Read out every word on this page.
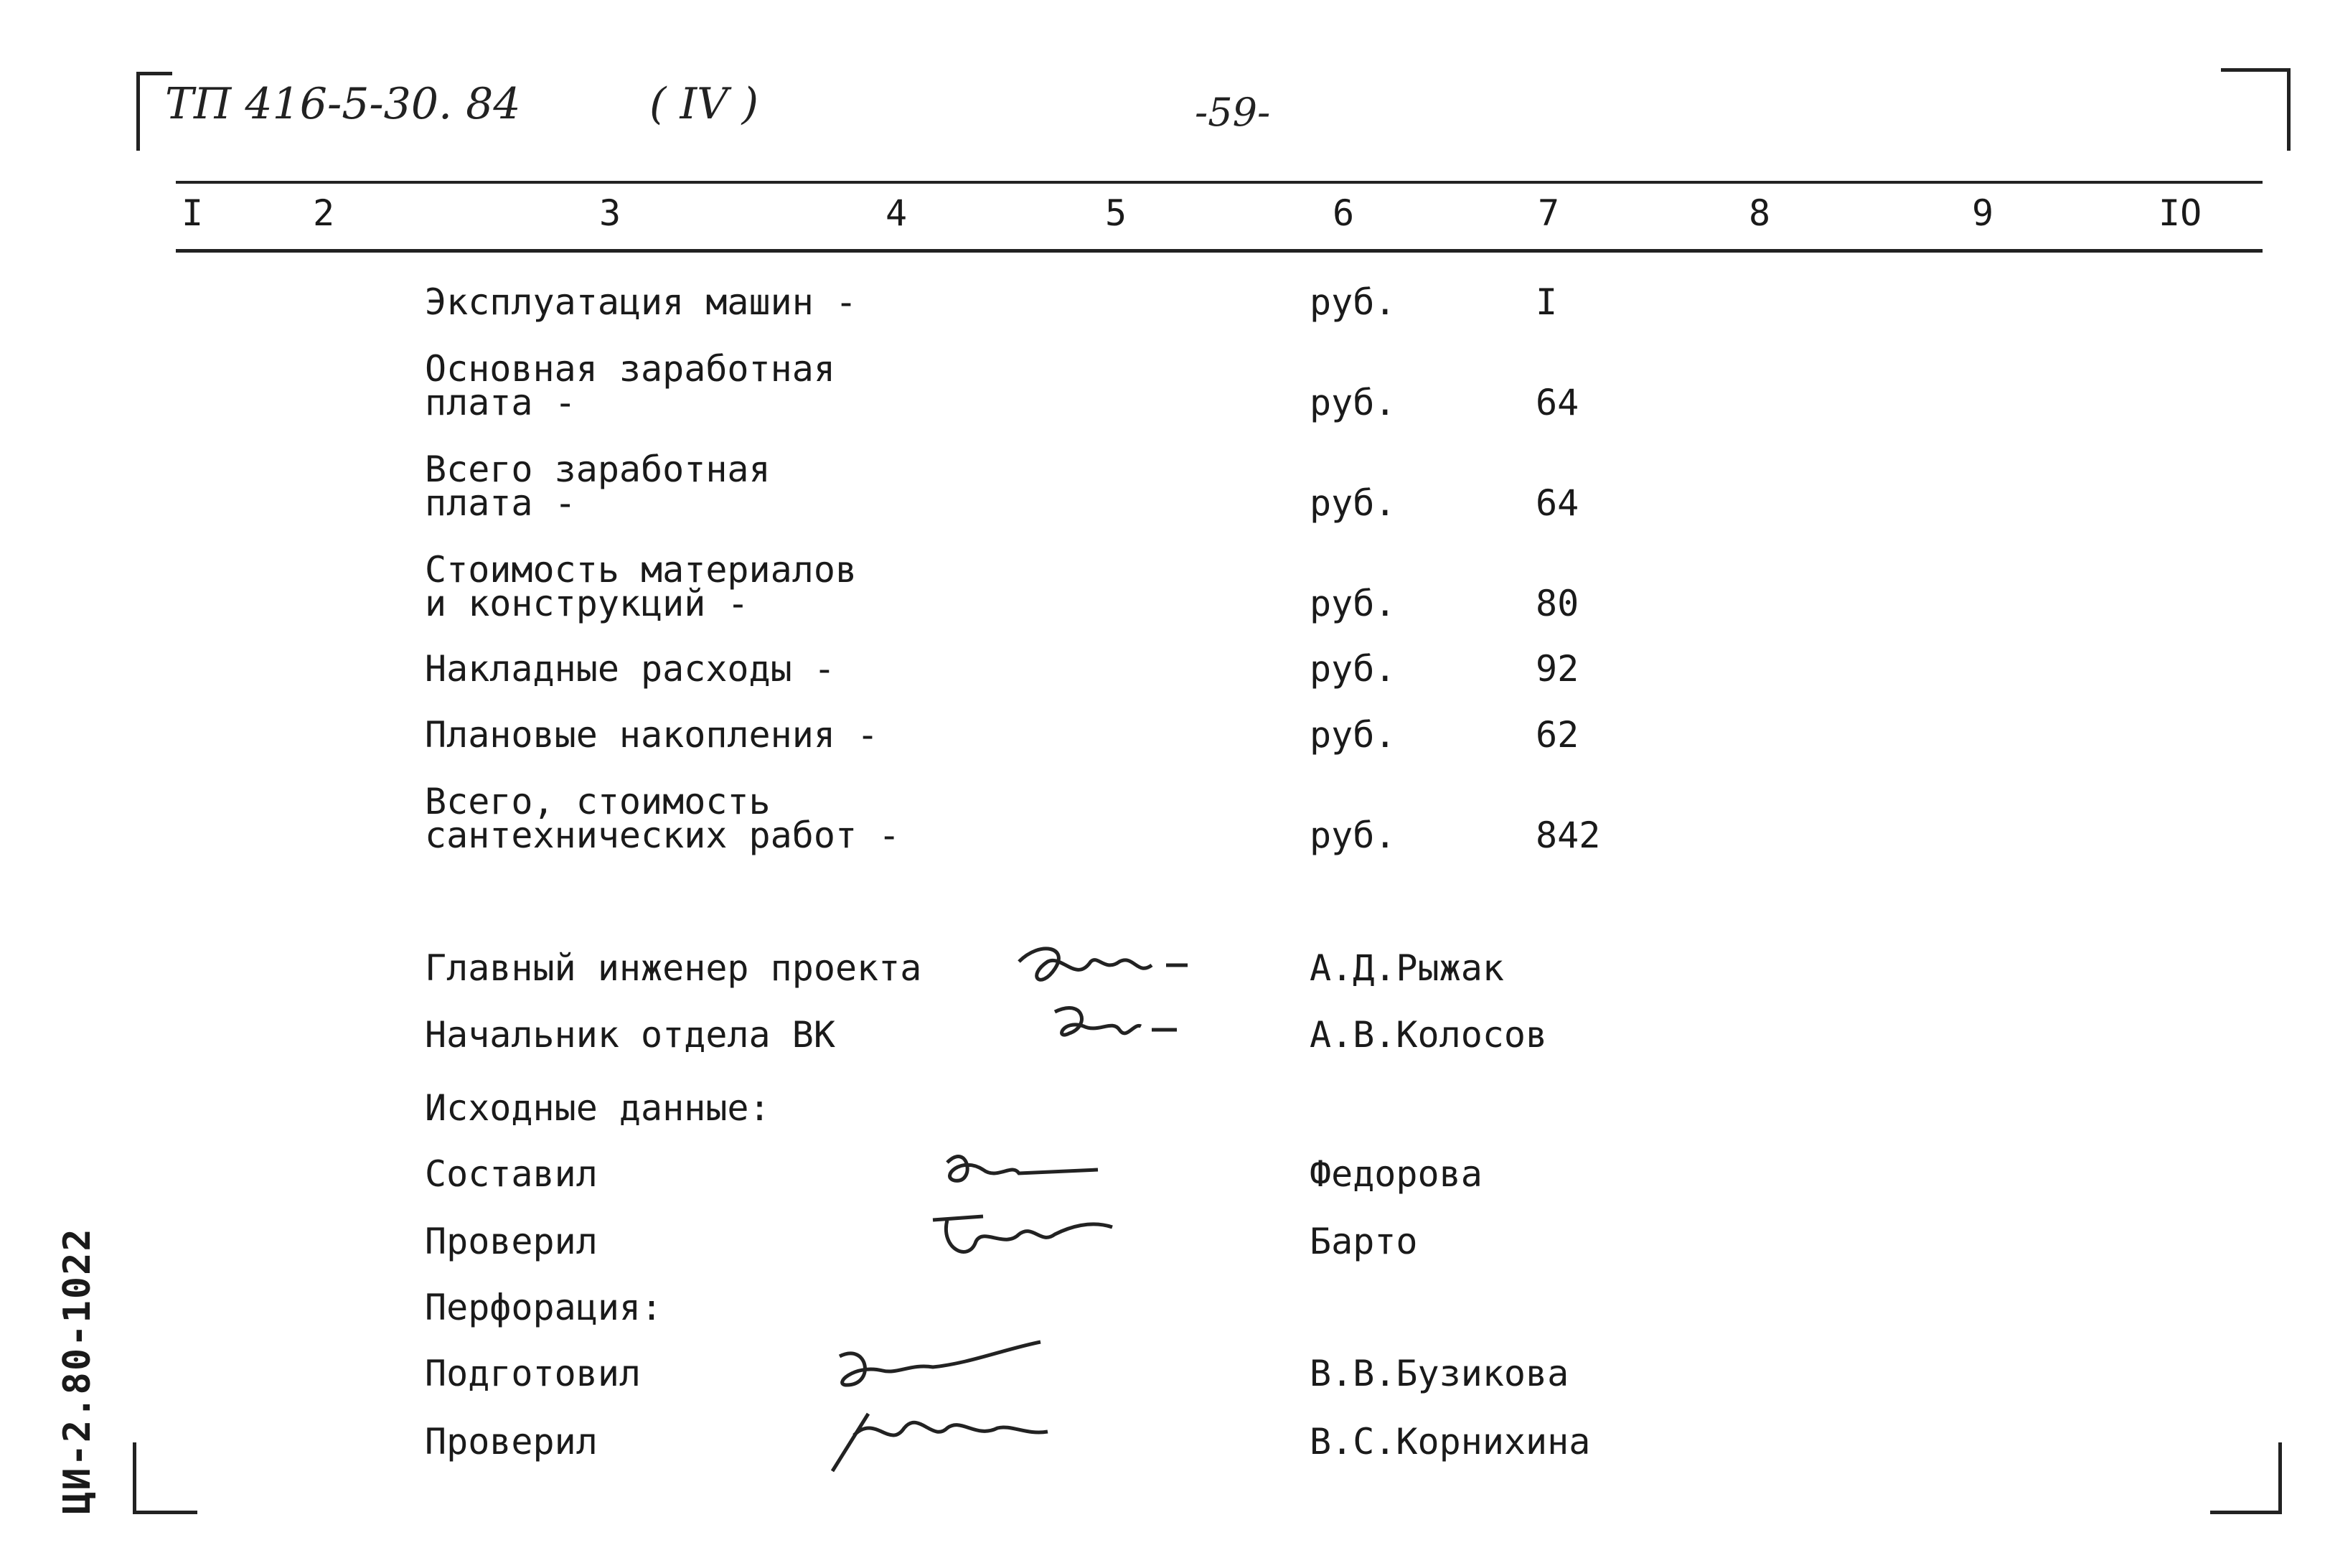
ТП 416-5-30. 84	( IV )	-59-
I	2	3	4	5	6	7	8	9	IO
Эксплуатация машин -	руб.	I
Основная заработная
плата -	руб.	64
Всего заработная
плата -	руб.	64
Стоимость материалов
и конструкций -	руб.	80
Накладные расходы -	руб.	92
Плановые накопления -	руб.	62
Всего, стоимость
сантехнических работ -	руб.	842
Главный инженер проекта	А.Д.Рыжак
Начальник отдела ВК	А.В.Колосов
Исходные данные:
Составил	Федорова
Проверил	Барто
Перфорация:
Подготовил	В.В.Бузикова
Проверил	В.С.Корнихина
ЦИ-2.80-1022
